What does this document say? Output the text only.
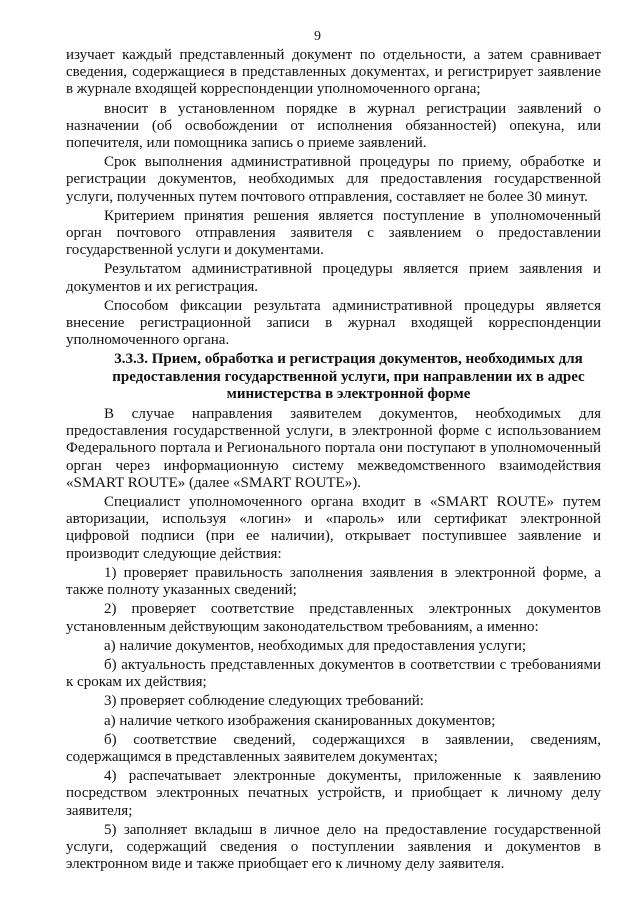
9

изучает каждый представленный документ по отдельности, а затем сравнивает сведения, содержащиеся в представленных документах, и регистрирует заявление в журнале входящей корреспонденции уполномоченного органа;

вносит в установленном порядке в журнал регистрации заявлений о назначении (об освобождении от исполнения обязанностей) опекуна, или попечителя, или помощника запись о приеме заявлений.

Срок выполнения административной процедуры по приему, обработке и регистрации документов, необходимых для предоставления государственной услуги, полученных путем почтового отправления, составляет не более 30 минут.

Критерием принятия решения является поступление в уполномоченный орган почтового отправления заявителя с заявлением о предоставлении государственной услуги и документами.

Результатом административной процедуры является прием заявления и документов и их регистрация.

Способом фиксации результата административной процедуры является внесение регистрационной записи в журнал входящей корреспонденции уполномоченного органа.

3.3.3. Прием, обработка и регистрация документов, необходимых для предоставления государственной услуги, при направлении их в адрес министерства в электронной форме

В случае направления заявителем документов, необходимых для предоставления государственной услуги, в электронной форме с использованием Федерального портала и Регионального портала они поступают в уполномоченный орган через информационную систему межведомственного взаимодействия «SMART ROUTE» (далее «SMART ROUTE»).

Специалист уполномоченного органа входит в «SMART ROUTE» путем авторизации, используя «логин» и «пароль» или сертификат электронной цифровой подписи (при ее наличии), открывает поступившее заявление и производит следующие действия:

1) проверяет правильность заполнения заявления в электронной форме, а также полноту указанных сведений;

2) проверяет соответствие представленных электронных документов установленным действующим законодательством требованиям, а именно:

а) наличие документов, необходимых для предоставления услуги;

б) актуальность представленных документов в соответствии с требованиями к срокам их действия;

3) проверяет соблюдение следующих требований:

а) наличие четкого изображения сканированных документов;

б) соответствие сведений, содержащихся в заявлении, сведениям, содержащимся в представленных заявителем документах;

4) распечатывает электронные документы, приложенные к заявлению посредством электронных печатных устройств, и приобщает к личному делу заявителя;

5) заполняет вкладыш в личное дело на предоставление государственной услуги, содержащий сведения о поступлении заявления и документов в электронном виде и также приобщает его к личному делу заявителя.
